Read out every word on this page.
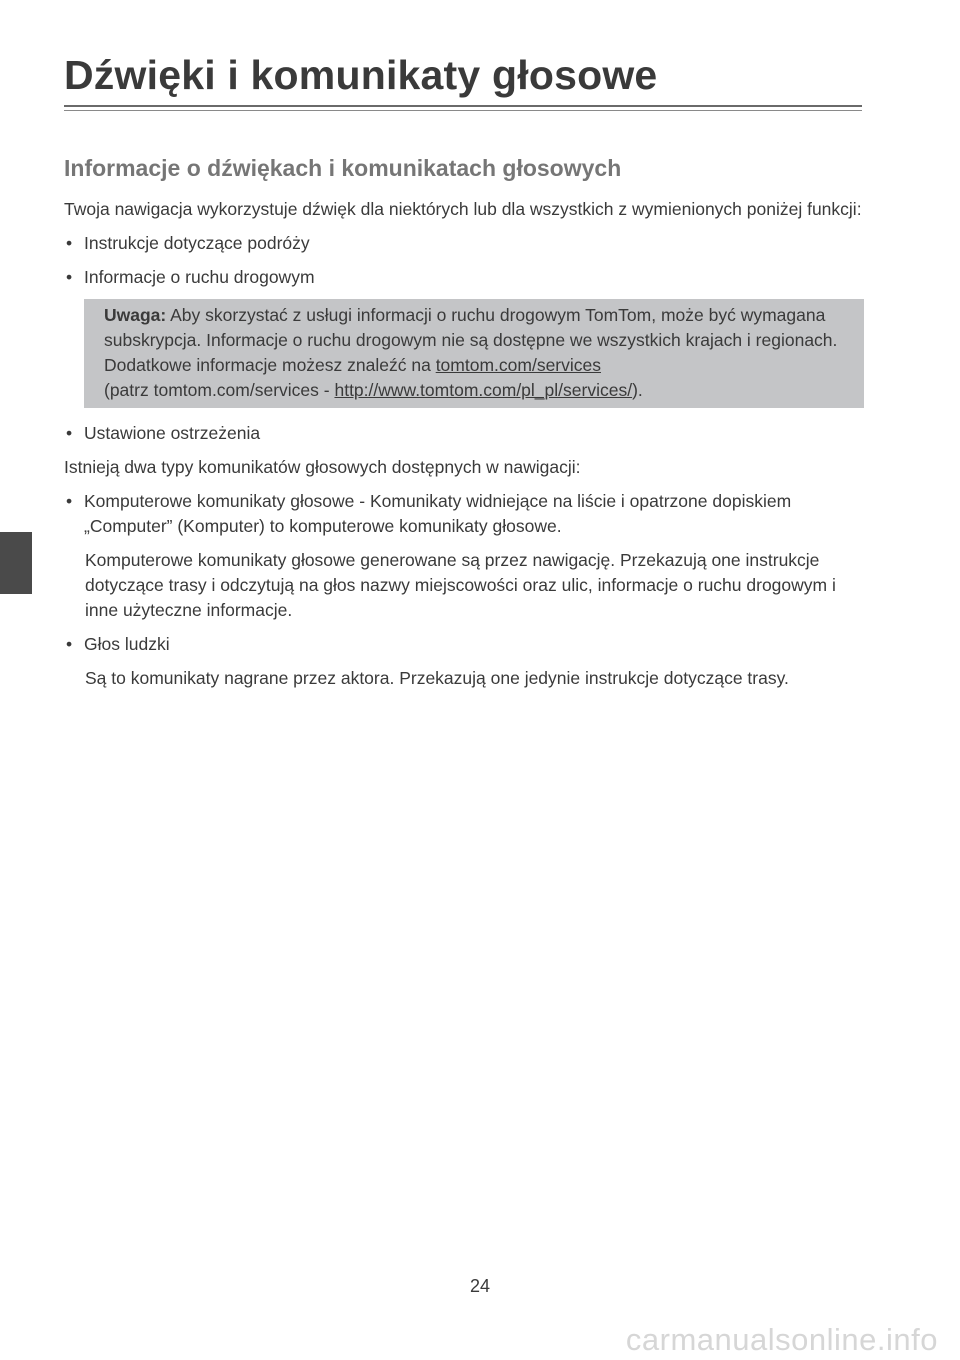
Dźwięki i komunikaty głosowe
Informacje o dźwiękach i komunikatach głosowych

Twoja nawigacja wykorzystuje dźwięk dla niektórych lub dla wszystkich z wymienionych poniżej funkcji:

• Instrukcje dotyczące podróży
• Informacje o ruchu drogowym
Uwaga: Aby skorzystać z usługi informacji o ruchu drogowym TomTom, może być wymagana subskrypcja. Informacje o ruchu drogowym nie są dostępne we wszystkich krajach i regionach. Dodatkowe informacje możesz znaleźć na tomtom.com/services
(patrz tomtom.com/services - http://www.tomtom.com/pl_pl/services/).
• Ustawione ostrzeżenia

Istnieją dwa typy komunikatów głosowych dostępnych w nawigacji:

• Komputerowe komunikaty głosowe - Komunikaty widniejące na liście i opatrzone dopiskiem „Computer” (Komputer) to komputerowe komunikaty głosowe.

Komputerowe komunikaty głosowe generowane są przez nawigację. Przekazują one instrukcje dotyczące trasy i odczytują na głos nazwy miejscowości oraz ulic, informacje o ruchu drogowym i inne użyteczne informacje.

• Głos ludzki

Są to komunikaty nagrane przez aktora. Przekazują one jedynie instrukcje dotyczące trasy.

24
carmanualsonline.info
